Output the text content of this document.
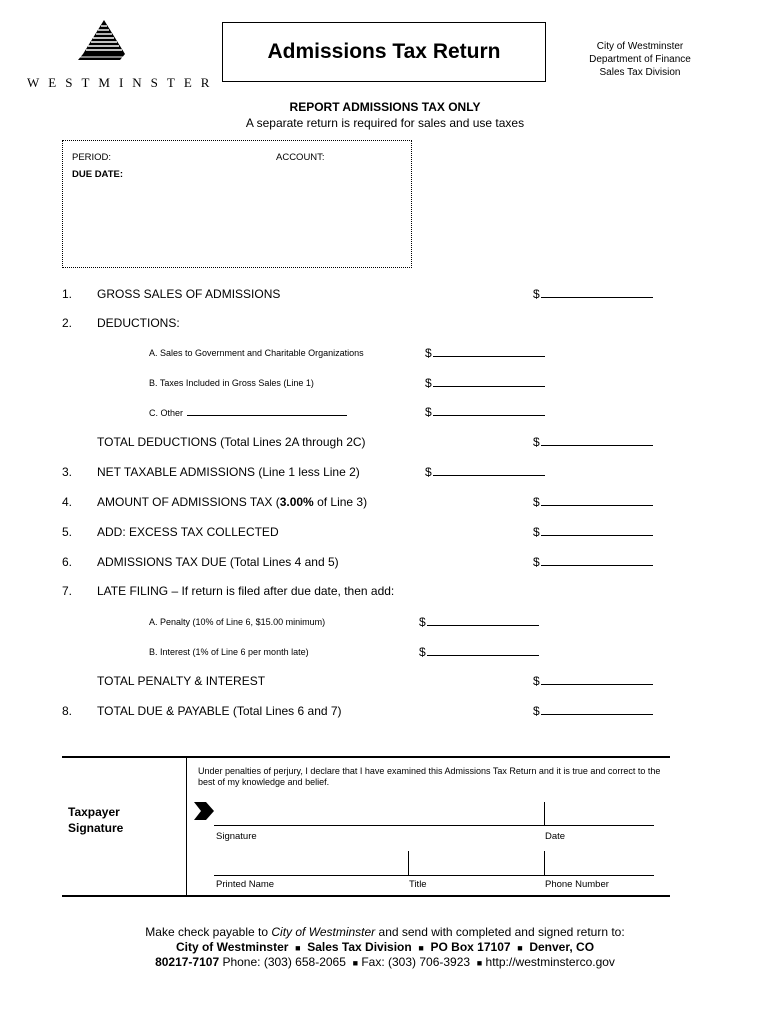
WESTMINSTER
Admissions Tax Return	City of Westminster
Department of Finance
Sales Tax Division
REPORT ADMISSIONS TAX ONLY
A separate return is required for sales and use taxes
PERIOD:	ACCOUNT:
DUE DATE:
1. GROSS SALES OF ADMISSIONS	$
2. DEDUCTIONS:
A. Sales to Government and Charitable Organizations	$
B. Taxes Included in Gross Sales (Line 1)	$
C. Other	$
TOTAL DEDUCTIONS (Total Lines 2A through 2C)	$
3. NET TAXABLE ADMISSIONS (Line 1 less Line 2)	$
4. AMOUNT OF ADMISSIONS TAX (3.00% of Line 3)	$
5. ADD: EXCESS TAX COLLECTED	$
6. ADMISSIONS TAX DUE (Total Lines 4 and 5)	$
7. LATE FILING – If return is filed after due date, then add:
A. Penalty (10% of Line 6, $15.00 minimum)	$
B. Interest (1% of Line 6 per month late)	$
TOTAL PENALTY & INTEREST	$
8. TOTAL DUE & PAYABLE (Total Lines 6 and 7)	$
Taxpayer
Signature
Under penalties of perjury, I declare that I have examined this Admissions Tax Return and it is true and correct to the best of my knowledge and belief.
Signature	Date
Printed Name	Title	Phone Number
Make check payable to City of Westminster and send with completed and signed return to:
City of Westminster ■ Sales Tax Division ■ PO Box 17107 ■ Denver, CO
80217-7107 Phone: (303) 658-2065 ■ Fax: (303) 706-3923 ■ http://westminsterco.gov
